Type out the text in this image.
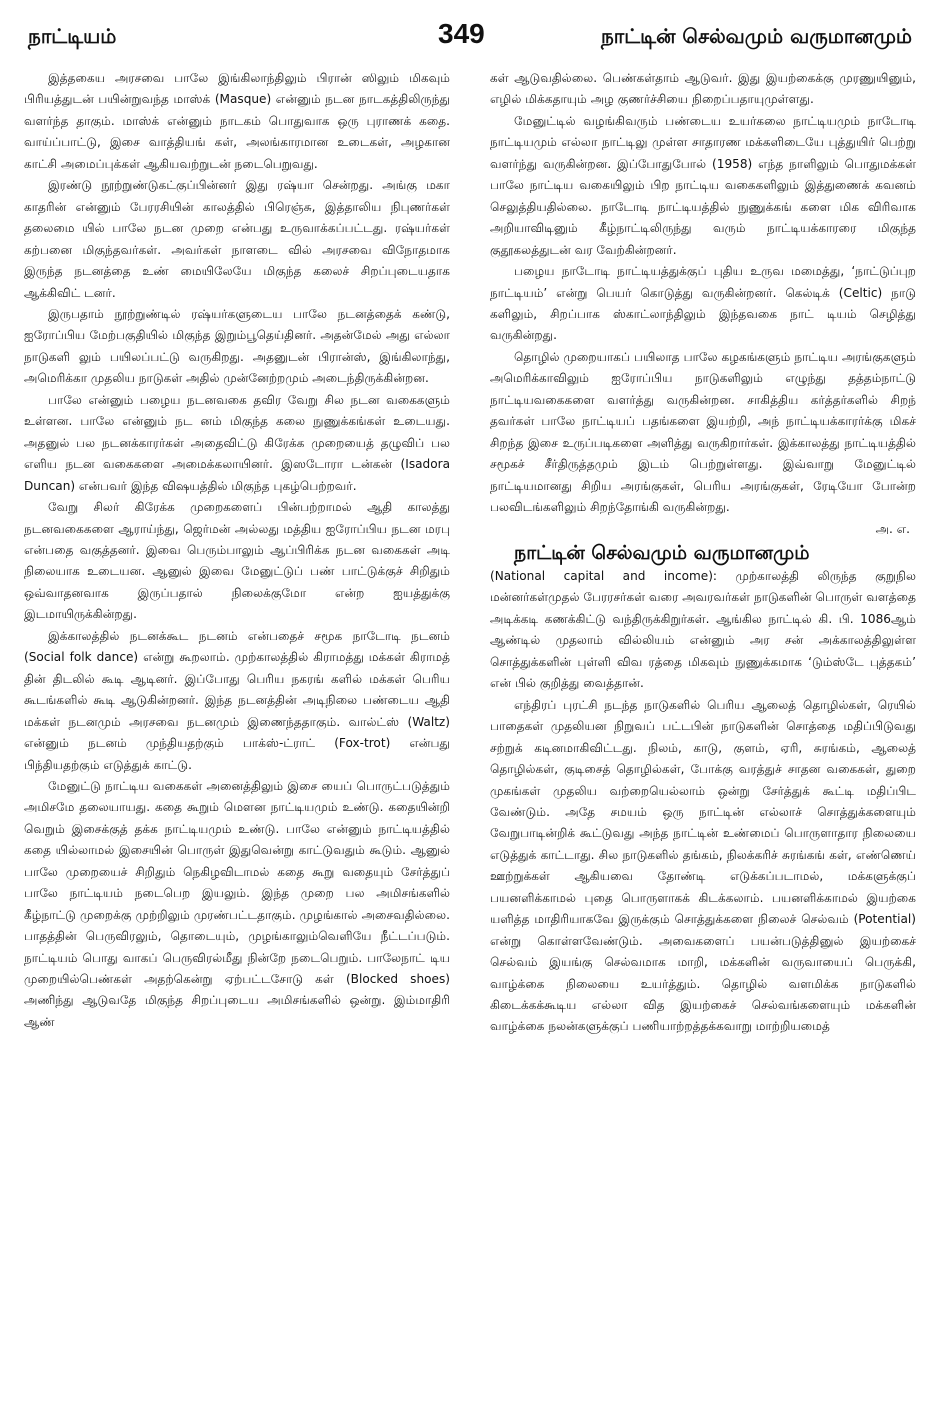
நாட்டியம்	349	நாட்டின் செல்வமும் வருமானமும்

இத்தகைய அரசவை பாலே இங்கிலாந்திலும் பிரான் ஸிலும் மிகவும் பிரியத்துடன் பயின்றுவந்த மாஸ்க் (Masque) என்னும் நடன நாடகத்திலிருந்து வளர்ந்த தாகும். மாஸ்க் என்னும் நாடகம் பொதுவாக ஒரு புராணக் கதை. வாய்ப்பாட்டு, இசை வாத்தியங் கள், அலங்காரமான உடைகள், அழகான காட்சி அமைப்புக்கள் ஆகியவற்றுடன் நடைபெறுவது.

இரண்டு நூற்றுண்டுகட்குப்பின்னர் இது ரஷ்யா சென்றது. அங்கு மகா காதரின் என்னும் பேரரசியின் காலத்தில் பிரெஞ்சு, இத்தாலிய நிபுணர்கள் தலைமை யில் பாலே நடன முறை என்பது உருவாக்கப்பட்டது. ரஷ்யர்கள் கற்பனை மிகுந்தவர்கள். அவர்கள் நாளடை வில் அரசவை விநோதமாக இருந்த நடனத்தை உண் மையிலேயே மிகுந்த கலைச் சிறப்புடையதாக ஆக்கிவிட் டனர்.

இருபதாம் நூற்றுண்டில் ரஷ்யர்களுடைய பாலே நடனத்தைக் கண்டு, ஐரோப்பிய மேற்பகுதியில் மிகுந்த இறும்பூதெய்தினர். அதன்மேல் அது எல்லா நாடுகளி லும் பயிலப்பட்டு வருகிறது. அதனுடன் பிரான்ஸ், இங்கிலாந்து, அமெரிக்கா முதலிய நாடுகள் அதில் முன்னேற்றமும் அடைந்திருக்கின்றன.

பாலே என்னும் பழைய நடனவகை தவிர வேறு சில நடன வகைகளும் உள்ளன. பாலே என்னும் நட னம் மிகுந்த கலை நுணுக்கங்கள் உடையது. அதனுல் பல நடனக்காரர்கள் அதைவிட்டு கிரேக்க முறையைத் தழுவிப் பல எளிய நடன வகைகளை அமைக்கலாயினர். இஸடோரா டன்கன் (Isadora Duncan) என்பவர் இந்த விஷயத்தில் மிகுந்த புகழ்பெற்றவர்.

வேறு சிலர் கிரேக்க முறைகளைப் பின்பற்றாமல் ஆதி காலத்து நடனவகைகளை ஆராய்ந்து, ஜெர்மன் அல்லது மத்திய ஐரோப்பிய நடன மரபு என்பதை வகுத்தனர். இவை பெரும்பாலும் ஆப்பிரிக்க நடன வகைகள் அடி நிலையாக உடையன. ஆனுல் இவை மேனுட்டுப் பண் பாட்டுக்குச் சிறிதும் ஒவ்வாதனவாக இருப்பதால் நிலைக்குமோ என்ற ஐயத்துக்கு இடமாயிருக்கின்றது.

இக்காலத்தில் நடனக்கூட நடனம் என்பதைச் சமூக நாடோடி நடனம் (Social folk dance) என்று கூறலாம். முற்காலத்தில் கிராமத்து மக்கள் கிராமத் தின் திடலில் கூடி ஆடினர். இப்போது பெரிய நகரங் களில் மக்கள் பெரிய கூடங்களில் கூடி ஆடுகின்றனர். இந்த நடனத்தின் அடிநிலை பண்டைய ஆதி மக்கள் நடனமும் அரசவை நடனமும் இணைந்ததாகும். வால்ட்ஸ் (Waltz) என்னும் நடனம் முந்தியதற்கும் பாக்ஸ்-ட்ராட் (Fox-trot) என்பது பிந்தியதற்கும் எடுத்துக் காட்டு.

மேனுட்டு நாட்டிய வகைகள் அனைத்திலும் இசை யைப் பொருட்படுத்தும் அமிசமே தலையாயது. கதை கூறும் மௌன நாட்டியமும் உண்டு. கதையின்றி வெறும் இசைக்குத் தக்க நாட்டியமும் உண்டு. பாலே என்னும் நாட்டியத்தில் கதை யில்லாமல் இசையின் பொருள் இதுவென்று காட்டுவதும் கூடும். ஆனுல் பாலே முறையைச் சிறிதும் நெகிழவிடாமல் கதை கூறு வதையும் சேர்த்துப் பாலே நாட்டியம் நடைபெற இயலும். இந்த முறை பல அமிசங்களில் கீழ்நாட்டு முறைக்கு முற்றிலும் முரண்பட்டதாகும். முழங்கால் அசைவதில்லை. பாதத்தின் பெருவிரலும், தொடையும், முழங்காலும்வெளியே நீட்டப்படும். நாட்டியம் பொது வாகப் பெருவிரல்மீது நின்றே நடைபெறும். பாலேநாட் டிய முறையில்பெண்கள் அதற்கென்று ஏற்பட்டசோடு கள் (Blocked shoes) அணிந்து ஆடுவதே மிகுந்த சிறப்புடைய அமிசங்களில் ஒன்று. இம்மாதிரி ஆண்

கள் ஆடுவதில்லை. பெண்கள்தாம் ஆடுவர். இது இயற்கைக்கு முரணுயினும், எழில் மிக்கதாயும் அழ குணர்ச்சியை நிறைப்பதாயுமுள்ளது.

மேனுட்டில் வழங்கிவரும் பண்டைய உயர்கலை நாட்டியமும் நாடோடி நாட்டியமும் எல்லா நாட்டிலு முள்ள சாதாரண மக்களிடையே புத்துயிர் பெற்று வளர்ந்து வருகின்றன. இப்போதுபோல் (1958) எந்த நாளிலும் பொதுமக்கள் பாலே நாட்டிய வகையிலும் பிற நாட்டிய வகைகளிலும் இத்துணைக் கவனம் செலுத்தியதில்லை. நாடோடி நாட்டியத்தில் நுணுக்கங் களை மிக விரிவாக அறியாவிடினும் கீழ்நாட்டிலிருந்து வரும் நாட்டியக்காரரை மிகுந்த குதூகலத்துடன் வர வேற்கின்றனர்.

பழைய நாடோடி நாட்டியத்துக்குப் புதிய உருவ மமைத்து, ‘நாட்டுப்புற நாட்டியம்’ என்று பெயர் கொடுத்து வருகின்றனர். கெல்டிக் (Celtic) நாடு களிலும், சிறப்பாக ஸ்காட்லாந்திலும் இந்தவகை நாட் டியம் செழித்து வருகின்றது.

தொழில் முறையாகப் பயிலாத பாலே கழகங்களும் நாட்டிய அரங்குகளும் அமெரிக்காவிலும் ஐரோப்பிய நாடுகளிலும் எழுந்து தத்தம்நாட்டு நாட்டியவகைகளை வளர்த்து வருகின்றன. சாகித்திய கர்த்தர்களில் சிறந் தவர்கள் பாலே நாட்டியப் பதங்களை இயற்றி, அந் நாட்டியக்காரர்க்கு மிகச் சிறந்த இசை உருப்படிகளை அளித்து வருகிறார்கள். இக்காலத்து நாட்டியத்தில் சமூகச் சீர்திருத்தமும் இடம் பெற்றுள்ளது. இவ்வாறு மேனுட்டில் நாட்டியமானது சிறிய அரங்குகள், பெரிய அரங்குகள், ரேடியோ போன்ற பலவிடங்களிலும் சிறந்தோங்கி வருகின்றது.

அ. எ.

நாட்டின் செல்வமும் வருமானமும்

(National capital and income): முற்காலத்தி லிருந்த குறுநில மன்னர்கள்முதல் பேரரசர்கள் வரை அவரவர்கள் நாடுகளின் பொருள் வளத்தை அடிக்கடி கணக்கிட்டு வந்திருக்கிறுர்கள். ஆங்கில நாட்டில் கி. பி. 1086ஆம் ஆண்டில் முதலாம் வில்லியம் என்னும் அர சன் அக்காலத்திலுள்ள சொத்துக்களின் புள்ளி விவ ரத்தை மிகவும் நுணுக்கமாக ‘டும்ஸ்டே புத்தகம்’ என் பில் குறித்து வைத்தான்.

எந்திரப் புரட்சி நடந்த நாடுகளில் பெரிய ஆலைத் தொழில்கள், ரெயில் பாதைகள் முதலியன நிறுவப் பட்டபின் நாடுகளின் சொத்தை மதிப்பிடுவது சற்றுக் கடினமாகிவிட்டது. நிலம், காடு, குளம், ஏரி, சுரங்கம், ஆலைத் தொழில்கள், குடிசைத் தொழில்கள், போக்கு வரத்துச் சாதன வகைகள், துறை முகங்கள் முதலிய வற்றையெல்லாம் ஒன்று சேர்த்துக் கூட்டி மதிப்பிட வேண்டும். அதே சமயம் ஒரு நாட்டின் எல்லாச் சொத்துக்களையும் வேறுபாடின்றிக் கூட்டுவது அந்த நாட்டின் உண்மைப் பொருளாதார நிலையை எடுத்துக் காட்டாது. சில நாடுகளில் தங்கம், நிலக்கரிச் சுரங்கங் கள், எண்ணெய் ஊற்றுக்கள் ஆகியவை தோண்டி எடுக்கப்படாமல், மக்களுக்குப் பயனளிக்காமல் புதை பொருளாகக் கிடக்கலாம். பயனளிக்காமல் இயற்கை யளித்த மாதிரியாகவே இருக்கும் சொத்துக்களை நிலைச் செல்வம் (Potential) என்று கொள்ளவேண்டும். அவைகளைப் பயன்படுத்தினுல் இயற்கைச் செல்வம் இயங்கு செல்வமாக மாறி, மக்களின் வருவாயைப் பெருக்கி, வாழ்க்கை நிலையை உயர்த்தும். தொழில் வளமிக்க நாடுகளில் கிடைக்கக்கூடிய எல்லா வித இயற்கைச் செல்வங்களையும் மக்களின் வாழ்க்கை நலன்களுக்குப் பணியாற்றத்தக்கவாறு மாற்றியமைத்
